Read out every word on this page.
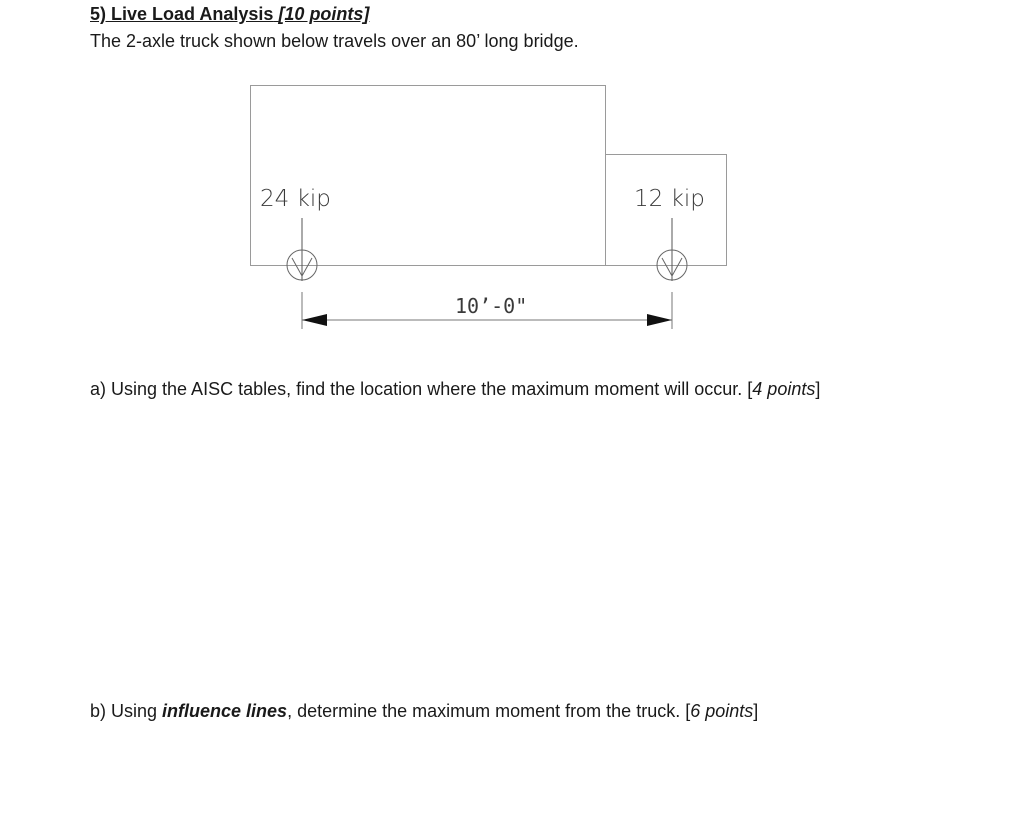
5) Live Load Analysis [10 points]
The 2-axle truck shown below travels over an 80’ long bridge.
24 kip	12 kip
10’-0"
a) Using the AISC tables, find the location where the maximum moment will occur. [4 points]
b) Using influence lines, determine the maximum moment from the truck. [6 points]
